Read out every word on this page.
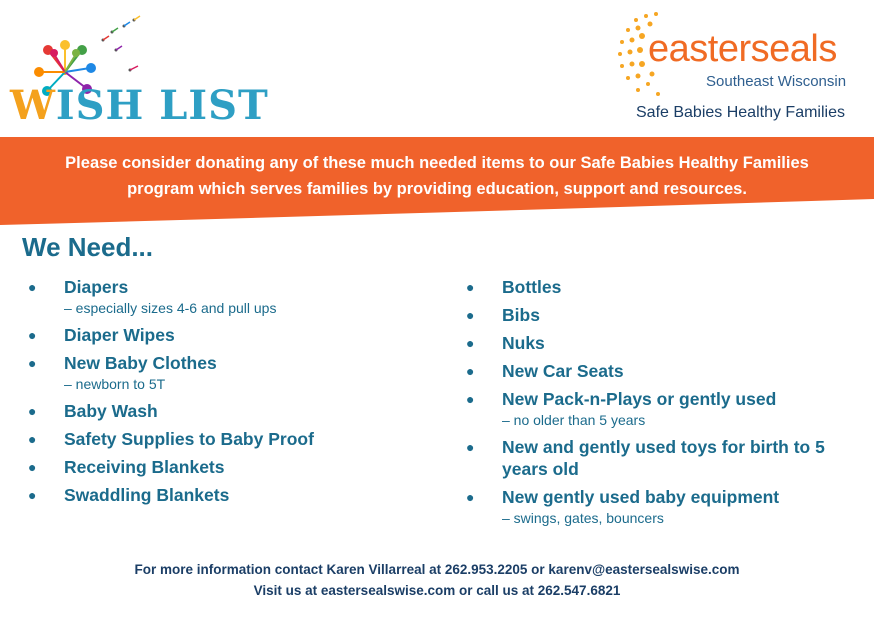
WISH LIST
easterseals
Southeast Wisconsin
Safe Babies Healthy Families
Please consider donating any of these much needed items to our Safe Babies Healthy Families
program which serves families by providing education, support and resources.
We Need...
● Diapers
– especially sizes 4-6 and pull ups
● Diaper Wipes
● New Baby Clothes
– newborn to 5T
● Baby Wash
● Safety Supplies to Baby Proof
● Receiving Blankets
● Swaddling Blankets
● Bottles
● Bibs
● Nuks
● New Car Seats
● New Pack-n-Plays or gently used
– no older than 5 years
● New and gently used toys for birth to 5 years old
● New gently used baby equipment
– swings, gates, bouncers
For more information contact Karen Villarreal at 262.953.2205 or karenv@eastersealswise.com
Visit us at eastersealswise.com or call us at 262.547.6821
